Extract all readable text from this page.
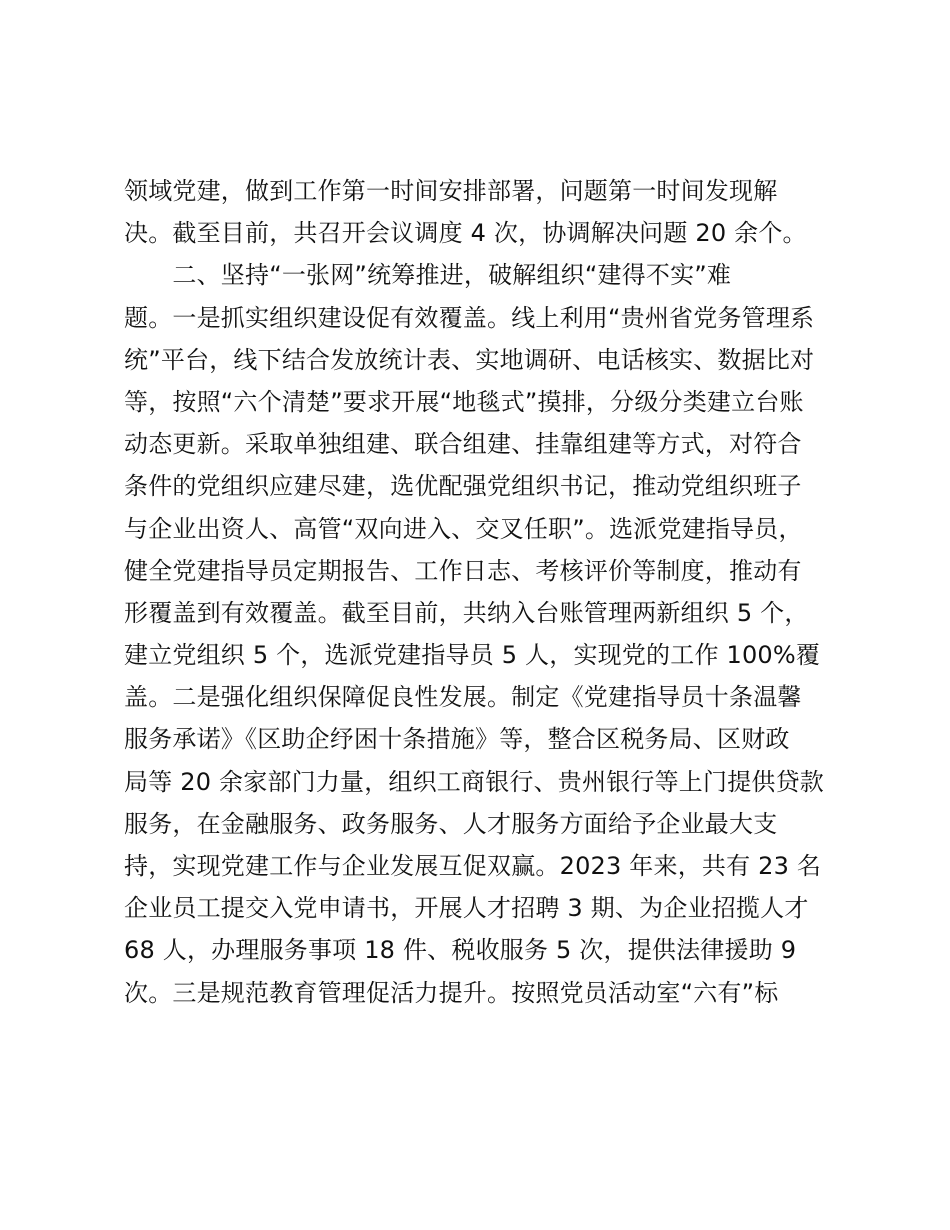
领域党建，做到工作第一时间安排部署，问题第一时间发现解
决。截至目前，共召开会议调度 4 次，协调解决问题 20 余个。
　　二、坚持“一张网”统筹推进，破解组织“建得不实”难
题。一是抓实组织建设促有效覆盖。线上利用“贵州省党务管理系
统”平台，线下结合发放统计表、实地调研、电话核实、数据比对
等，按照“六个清楚”要求开展“地毯式”摸排，分级分类建立台账
动态更新。采取单独组建、联合组建、挂靠组建等方式，对符合
条件的党组织应建尽建，选优配强党组织书记，推动党组织班子
与企业出资人、高管“双向进入、交叉任职”。选派党建指导员，
健全党建指导员定期报告、工作日志、考核评价等制度，推动有
形覆盖到有效覆盖。截至目前，共纳入台账管理两新组织 5 个，
建立党组织 5 个，选派党建指导员 5 人，实现党的工作 100%覆
盖。二是强化组织保障促良性发展。制定《党建指导员十条温馨
服务承诺》《区助企纾困十条措施》等，整合区税务局、区财政
局等 20 余家部门力量，组织工商银行、贵州银行等上门提供贷款
服务，在金融服务、政务服务、人才服务方面给予企业最大支
持，实现党建工作与企业发展互促双赢。2023 年来，共有 23 名
企业员工提交入党申请书，开展人才招聘 3 期、为企业招揽人才
68 人，办理服务事项 18 件、税收服务 5 次，提供法律援助 9
次。三是规范教育管理促活力提升。按照党员活动室“六有”标
